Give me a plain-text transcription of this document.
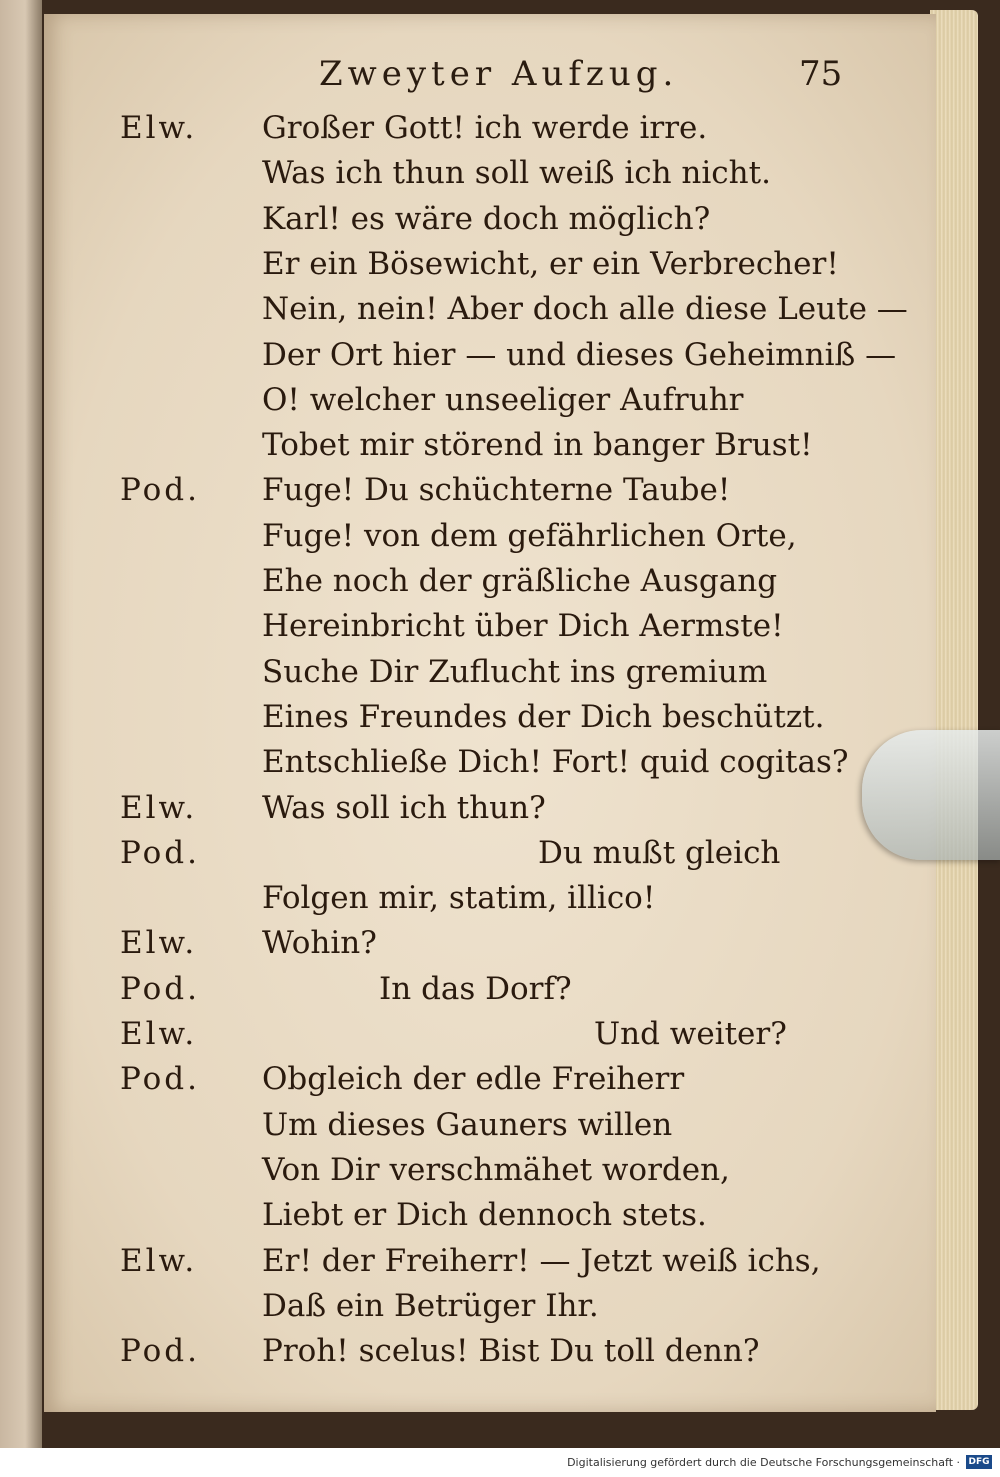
Zweyter Aufzug.	75
Elw. Großer Gott! ich werde irre.
Was ich thun soll weiß ich nicht.
Karl! es wäre doch möglich?
Er ein Bösewicht, er ein Verbrecher!
Nein, nein! Aber doch alle diese Leute —
Der Ort hier — und dieses Geheimniß —
O! welcher unseeliger Aufruhr
Tobet mir störend in banger Brust!
Pod. Fuge! Du schüchterne Taube!
Fuge! von dem gefährlichen Orte,
Ehe noch der gräßliche Ausgang
Hereinbricht über Dich Aermste!
Suche Dir Zuflucht ins gremium
Eines Freundes der Dich beschützt.
Entschließe Dich! Fort! quid cogitas?
Elw. Was soll ich thun?
Pod.	Du mußt gleich
Folgen mir, statim, illico!
Elw. Wohin?
Pod.	In das Dorf?
Elw.	Und weiter?
Pod. Obgleich der edle Freiherr
Um dieses Gauners willen
Von Dir verschmähet worden,
Liebt er Dich dennoch stets.
Elw. Er! der Freiherr! — Jetzt weiß ichs,
Daß ein Betrüger Ihr.
Pod. Proh! scelus! Bist Du toll denn?
Digitalisierung gefördert durch die Deutsche Forschungsgemeinschaft · DFG
